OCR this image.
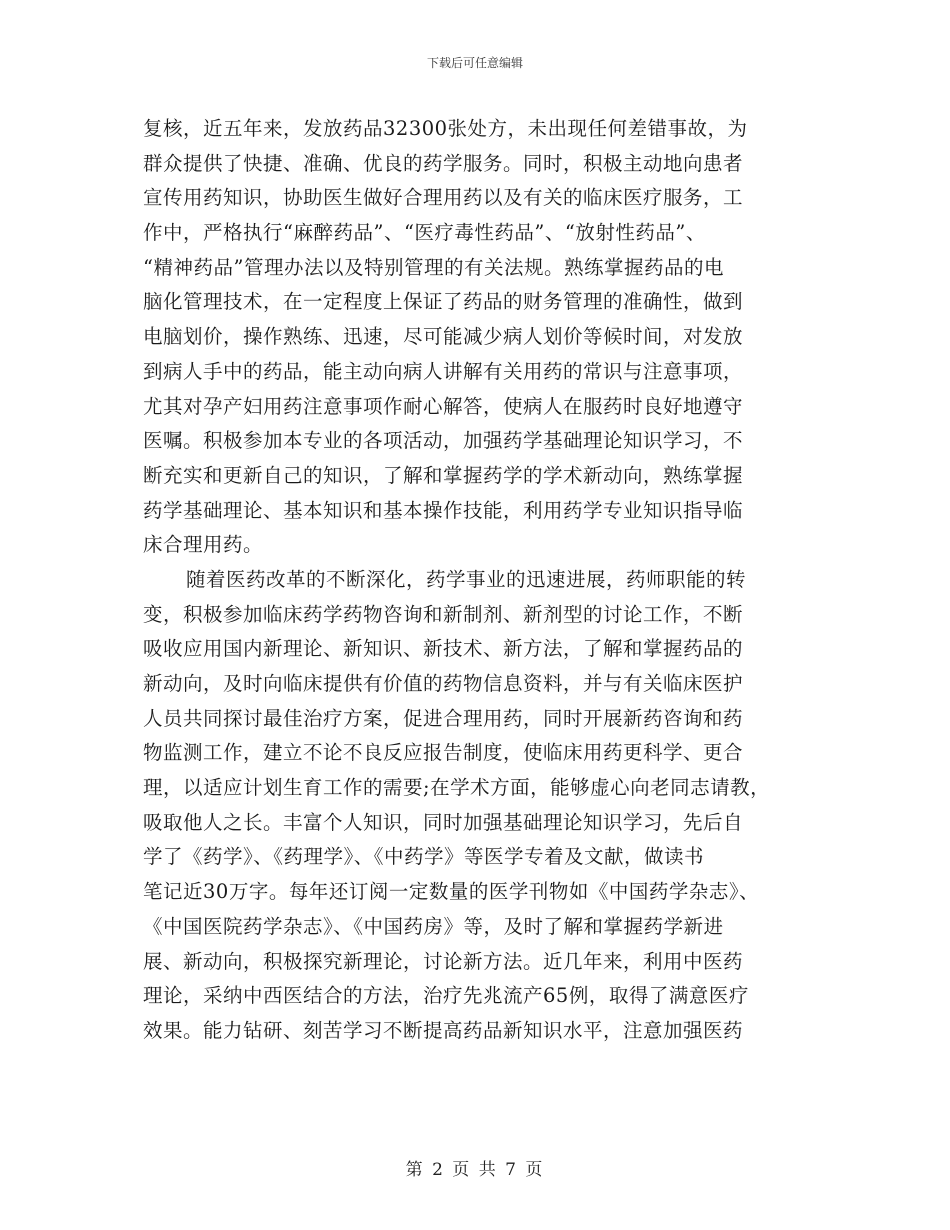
下载后可任意编辑
复核，近五年来，发放药品32300张处方，未出现任何差错事故，为
群众提供了快捷、准确、优良的药学服务。同时，积极主动地向患者
宣传用药知识，协助医生做好合理用药以及有关的临床医疗服务，工
作中，严格执行“麻醉药品”、“医疗毒性药品”、“放射性药品”、
“精神药品”管理办法以及特别管理的有关法规。熟练掌握药品的电
脑化管理技术，在一定程度上保证了药品的财务管理的准确性，做到
电脑划价，操作熟练、迅速，尽可能减少病人划价等候时间，对发放
到病人手中的药品，能主动向病人讲解有关用药的常识与注意事项，
尤其对孕产妇用药注意事项作耐心解答，使病人在服药时良好地遵守
医嘱。积极参加本专业的各项活动，加强药学基础理论知识学习，不
断充实和更新自己的知识，了解和掌握药学的学术新动向，熟练掌握
药学基础理论、基本知识和基本操作技能，利用药学专业知识指导临
床合理用药。
随着医药改革的不断深化，药学事业的迅速进展，药师职能的转
变，积极参加临床药学药物咨询和新制剂、新剂型的讨论工作，不断
吸收应用国内新理论、新知识、新技术、新方法，了解和掌握药品的
新动向，及时向临床提供有价值的药物信息资料，并与有关临床医护
人员共同探讨最佳治疗方案，促进合理用药，同时开展新药咨询和药
物监测工作，建立不论不良反应报告制度，使临床用药更科学、更合
理，以适应计划生育工作的需要;在学术方面，能够虚心向老同志请教，
吸取他人之长。丰富个人知识，同时加强基础理论知识学习，先后自
学了《药学》、《药理学》、《中药学》等医学专着及文献，做读书
笔记近30万字。每年还订阅一定数量的医学刊物如《中国药学杂志》、
《中国医院药学杂志》、《中国药房》等，及时了解和掌握药学新进
展、新动向，积极探究新理论，讨论新方法。近几年来，利用中医药
理论，采纳中西医结合的方法，治疗先兆流产65例，取得了满意医疗
效果。能力钻研、刻苦学习不断提高药品新知识水平，注意加强医药
第 2 页 共 7 页
